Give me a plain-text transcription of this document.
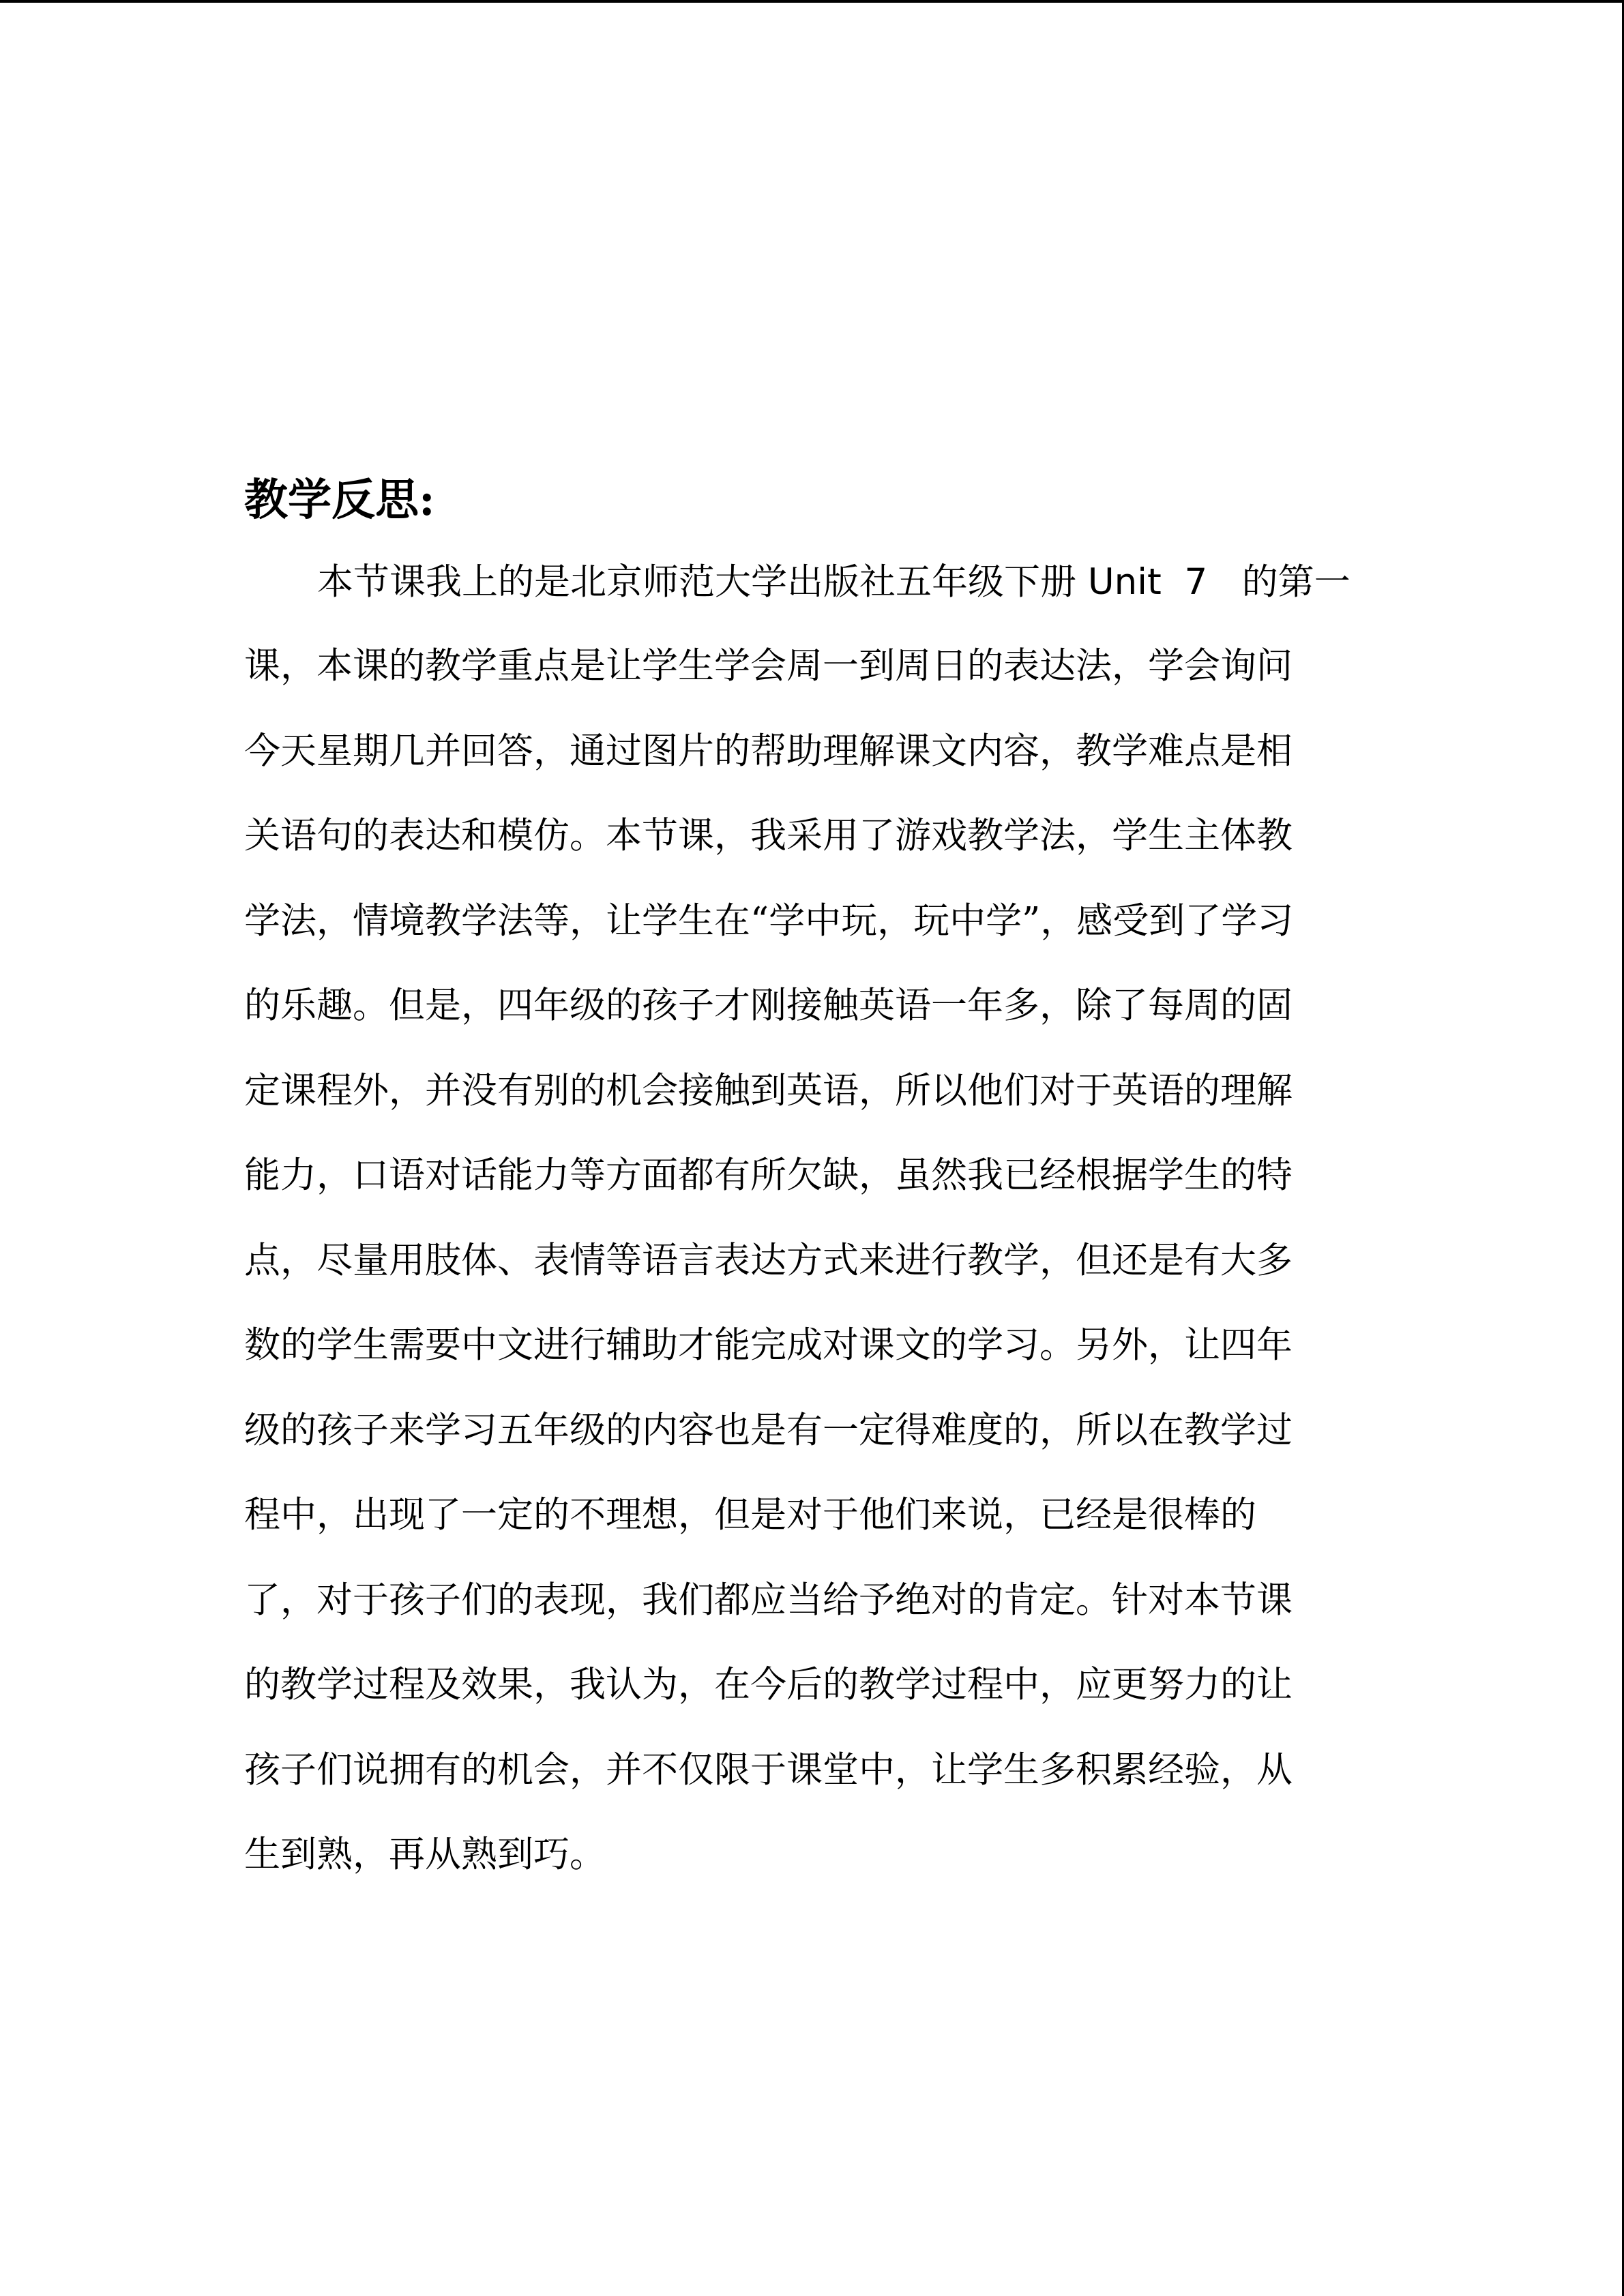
教学反思:
本节课我上的是北京师范大学出版社五年级下册 Unit  7 的第一
课，本课的教学重点是让学生学会周一到周日的表达法，学会询问
今天星期几并回答，通过图片的帮助理解课文内容，教学难点是相
关语句的表达和模仿。本节课，我采用了游戏教学法，学生主体教
学法，情境教学法等，让学生在“学中玩，玩中学”，感受到了学习
的乐趣。但是，四年级的孩子才刚接触英语一年多，除了每周的固
定课程外，并没有别的机会接触到英语，所以他们对于英语的理解
能力，口语对话能力等方面都有所欠缺，虽然我已经根据学生的特
点，尽量用肢体、表情等语言表达方式来进行教学，但还是有大多
数的学生需要中文进行辅助才能完成对课文的学习。另外，让四年
级的孩子来学习五年级的内容也是有一定得难度的，所以在教学过
程中，出现了一定的不理想，但是对于他们来说，已经是很棒的
了，对于孩子们的表现，我们都应当给予绝对的肯定。针对本节课
的教学过程及效果，我认为，在今后的教学过程中，应更努力的让
孩子们说拥有的机会，并不仅限于课堂中，让学生多积累经验，从
生到熟，再从熟到巧。
